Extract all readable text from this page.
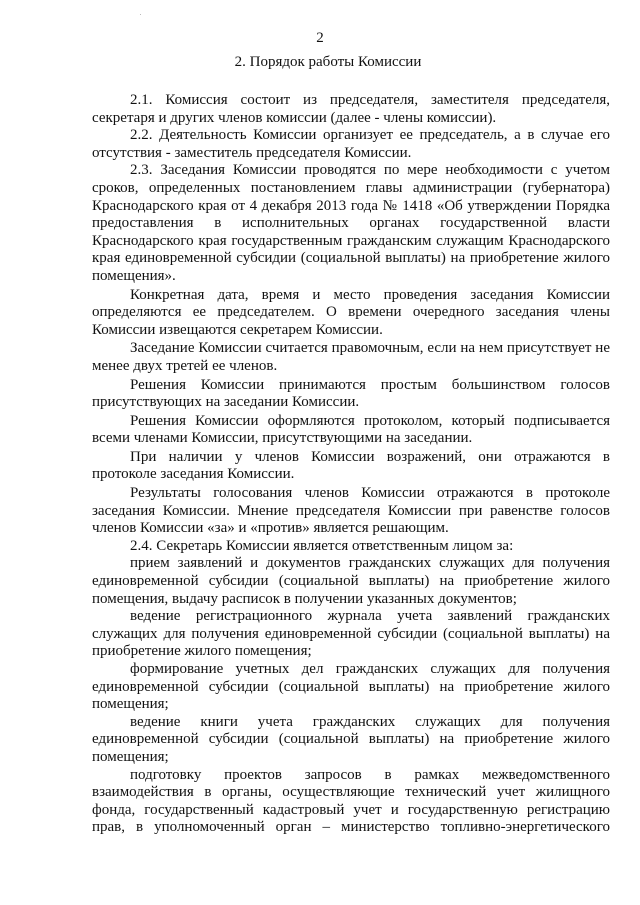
2
2. Порядок работы Комиссии

2.1. Комиссия состоит из председателя, заместителя председателя, секретаря и других членов комиссии (далее - члены комиссии).

2.2. Деятельность Комиссии организует ее председатель, а в случае его отсутствия - заместитель председателя Комиссии.

2.3. Заседания Комиссии проводятся по мере необходимости с учетом сроков, определенных постановлением главы администрации (губернатора) Краснодарского края от 4 декабря 2013 года № 1418 «Об утверждении Порядка предоставления в исполнительных органах государственной власти Краснодарского края государственным гражданским служащим Краснодарского края единовременной субсидии (социальной выплаты) на приобретение жилого помещения».

Конкретная дата, время и место проведения заседания Комиссии определяются ее председателем. О времени очередного заседания члены Комиссии извещаются секретарем Комиссии.

Заседание Комиссии считается правомочным, если на нем присутствует не менее двух третей ее членов.

Решения Комиссии принимаются простым большинством голосов присутствующих на заседании Комиссии.

Решения Комиссии оформляются протоколом, который подписывается всеми членами Комиссии, присутствующими на заседании.

При наличии у членов Комиссии возражений, они отражаются в протоколе заседания Комиссии.

Результаты голосования членов Комиссии отражаются в протоколе заседания Комиссии. Мнение председателя Комиссии при равенстве голосов членов Комиссии «за» и «против» является решающим.

2.4. Секретарь Комиссии является ответственным лицом за:

прием заявлений и документов гражданских служащих для получения единовременной субсидии (социальной выплаты) на приобретение жилого помещения, выдачу расписок в получении указанных документов;

ведение регистрационного журнала учета заявлений гражданских служащих для получения единовременной субсидии (социальной выплаты) на приобретение жилого помещения;

формирование учетных дел гражданских служащих для получения единовременной субсидии (социальной выплаты) на приобретение жилого помещения;

ведение книги учета гражданских служащих для получения единовременной субсидии (социальной выплаты) на приобретение жилого помещения;

подготовку проектов запросов в рамках межведомственного взаимодействия в органы, осуществляющие технический учет жилищного фонда, государственный кадастровый учет и государственную регистрацию прав, в уполномоченный орган – министерство топливно-энергетического
